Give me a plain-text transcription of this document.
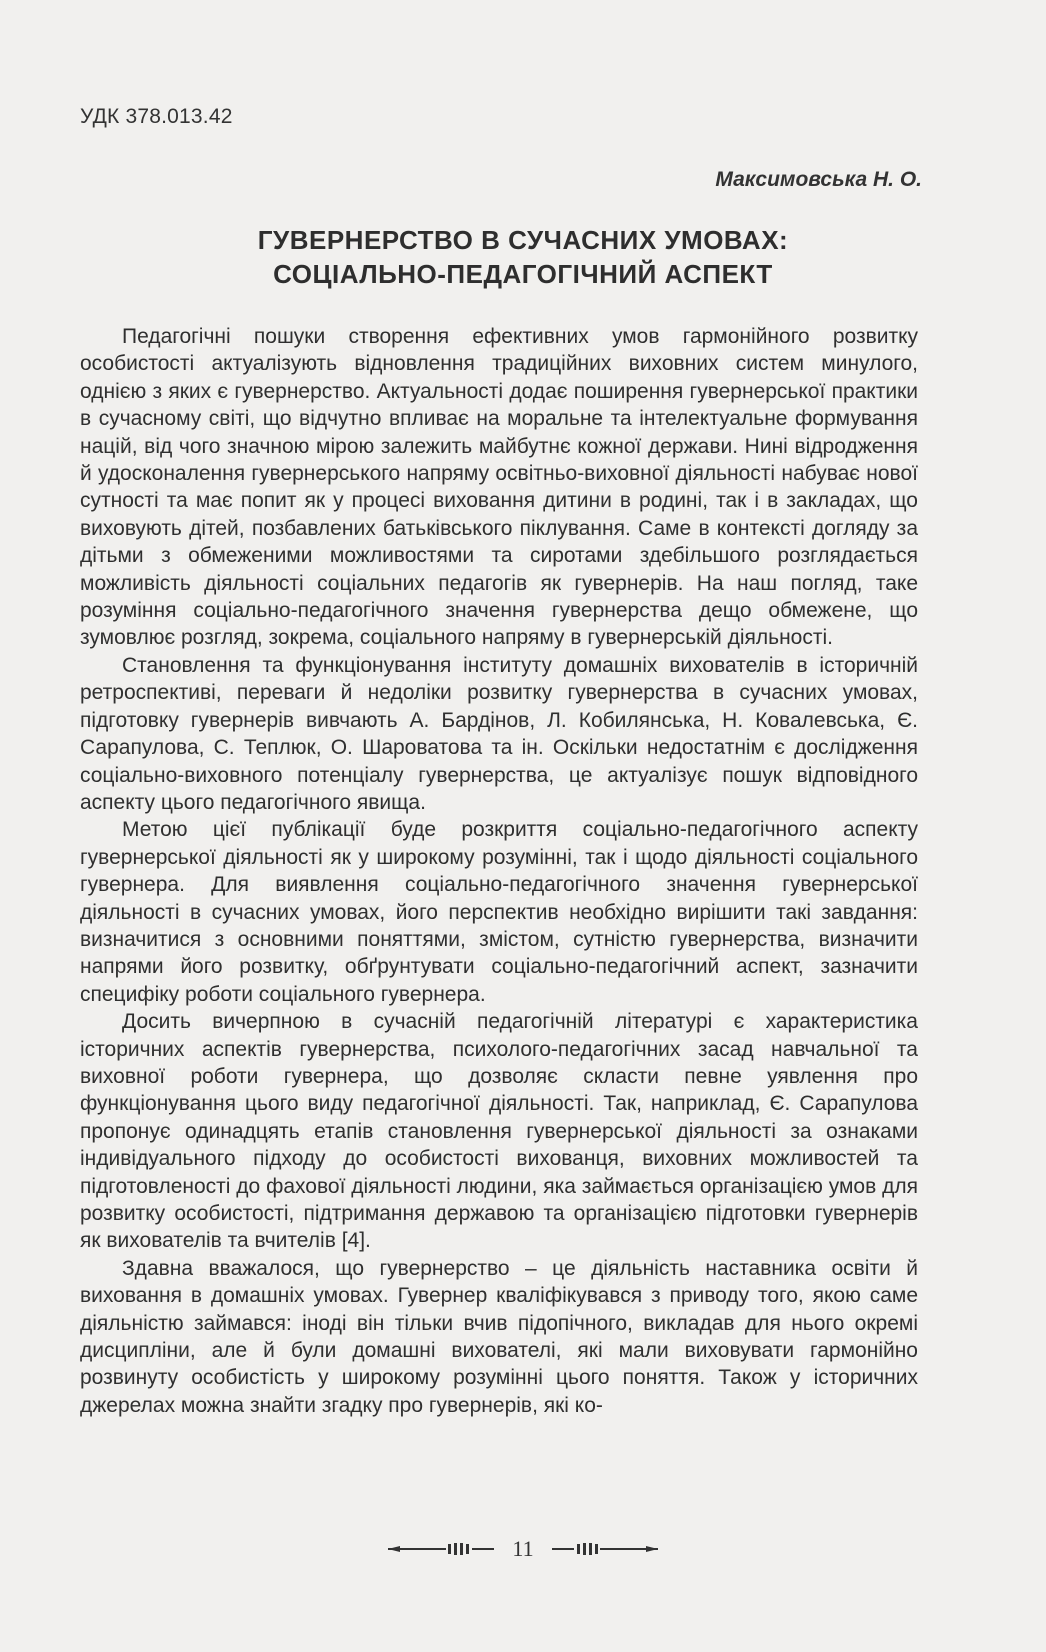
УДК 378.013.42
Максимовська Н. О.
ГУВЕРНЕРСТВО В СУЧАСНИХ УМОВАХ:
СОЦІАЛЬНО-ПЕДАГОГІЧНИЙ АСПЕКТ

Педагогічні пошуки створення ефективних умов гармонійного розвитку особистості актуалізують відновлення традиційних виховних систем минулого, однією з яких є гувернерство. Актуальності додає поширення гувернерської практики в сучасному світі, що відчутно впливає на моральне та інтелектуальне формування націй, від чого значною мірою залежить майбутнє кожної держави. Нині відродження й удосконалення гувернерського напряму освітньо-виховної діяльності набуває нової сутності та має попит як у процесі виховання дитини в родині, так і в закладах, що виховують дітей, позбавлених батьківського піклування. Саме в контексті догляду за дітьми з обмеженими можливостями та сиротами здебільшого розглядається можливість діяльності соціальних педагогів як гувернерів. На наш погляд, таке розуміння соціально-педагогічного значення гувернерства дещо обмежене, що зумовлює розгляд, зокрема, соціального напряму в гувернерській діяльності.

Становлення та функціонування інституту домашніх вихователів в історичній ретроспективі, переваги й недоліки розвитку гувернерства в сучасних умовах, підготовку гувернерів вивчають А. Бардінов, Л. Кобилянська, Н. Ковалевська, Є. Сарапулова, С. Теплюк, О. Шароватова та ін. Оскільки недостатнім є дослідження соціально-виховного потенціалу гувернерства, це актуалізує пошук відповідного аспекту цього педагогічного явища.

Метою цієї публікації буде розкриття соціально-педагогічного аспекту гувернерської діяльності як у широкому розумінні, так і щодо діяльності соціального гувернера. Для виявлення соціально-педагогічного значення гувернерської діяльності в сучасних умовах, його перспектив необхідно вирішити такі завдання: визначитися з основними поняттями, змістом, сутністю гувернерства, визначити напрями його розвитку, обґрунтувати соціально-педагогічний аспект, зазначити специфіку роботи соціального гувернера.

Досить вичерпною в сучасній педагогічній літературі є характеристика історичних аспектів гувернерства, психолого-педагогічних засад навчальної та виховної роботи гувернера, що дозволяє скласти певне уявлення про функціонування цього виду педагогічної діяльності. Так, наприклад, Є. Сарапулова пропонує одинадцять етапів становлення гувернерської діяльності за ознаками індивідуального підходу до особистості вихованця, виховних можливостей та підготовленості до фахової діяльності людини, яка займається організацією умов для розвитку особистості, підтримання державою та організацією підготовки гувернерів як вихователів та вчителів [4].

Здавна вважалося, що гувернерство – це діяльність наставника освіти й виховання в домашніх умовах. Гувернер кваліфікувався з приводу того, якою саме діяльністю займався: іноді він тільки вчив підопічного, викладав для нього окремі дисципліни, але й були домашні вихователі, які мали виховувати гармонійно розвинуту особистість у широкому розумінні цього поняття. Також у історичних джерелах можна знайти згадку про гувернерів, які ко-

11
